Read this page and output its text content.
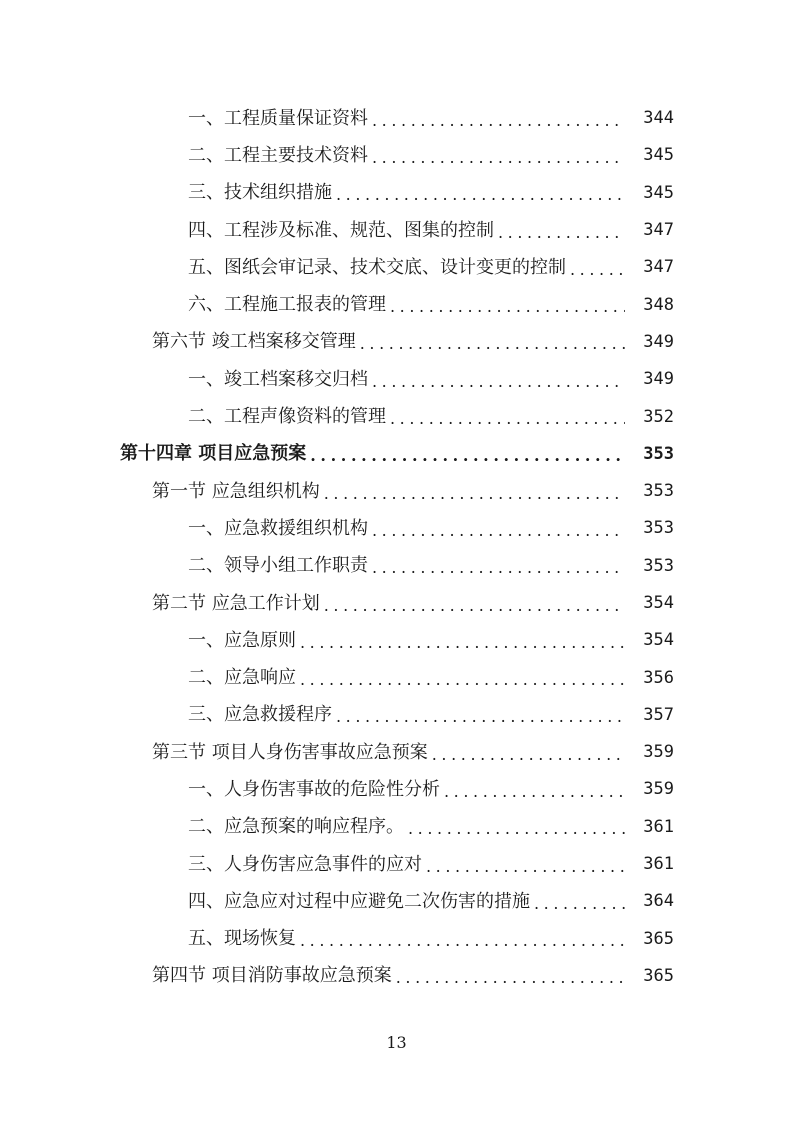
一、工程质量保证资料 .....	344
二、工程主要技术资料 .....	345
三、技术组织措施 .....	345
四、工程涉及标准、规范、图集的控制 .....	347
五、图纸会审记录、技术交底、设计变更的控制 .....	347
六、工程施工报表的管理 .....	348
第六节 竣工档案移交管理 .....	349
一、竣工档案移交归档 .....	349
二、工程声像资料的管理 .....	352
第十四章 项目应急预案 .....	353
第一节 应急组织机构 .....	353
一、应急救援组织机构 .....	353
二、领导小组工作职责 .....	353
第二节 应急工作计划 .....	354
一、应急原则 .....	354
二、应急响应 .....	356
三、应急救援程序 .....	357
第三节 项目人身伤害事故应急预案 .....	359
一、人身伤害事故的危险性分析 .....	359
二、应急预案的响应程序。 .....	361
三、人身伤害应急事件的应对 .....	361
四、应急应对过程中应避免二次伤害的措施 .....	364
五、现场恢复 .....	365
第四节 项目消防事故应急预案 .....	365
13
